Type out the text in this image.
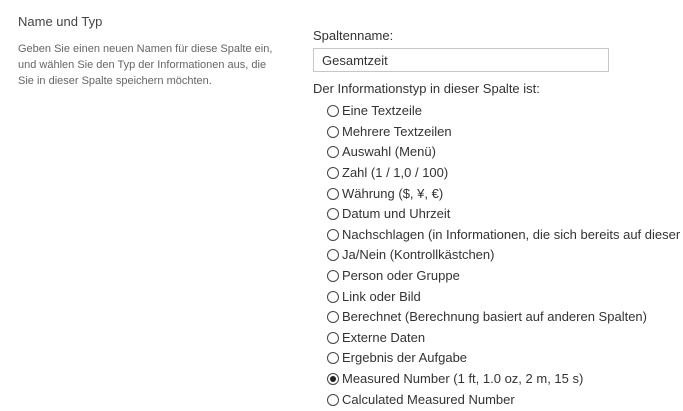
Name und Typ

Geben Sie einen neuen Namen für diese Spalte ein, und wählen Sie den Typ der Informationen aus, die Sie in dieser Spalte speichern möchten.

Spaltenname:
Gesamtzeit
Der Informationstyp in dieser Spalte ist:
Eine Textzeile
Mehrere Textzeilen
Auswahl (Menü)
Zahl (1 / 1,0 / 100)
Währung ($, ¥, €)
Datum und Uhrzeit
Nachschlagen (in Informationen, die sich bereits auf dieser
Ja/Nein (Kontrollkästchen)
Person oder Gruppe
Link oder Bild
Berechnet (Berechnung basiert auf anderen Spalten)
Externe Daten
Ergebnis der Aufgabe
Measured Number (1 ft, 1.0 oz, 2 m, 15 s)
Calculated Measured Number
